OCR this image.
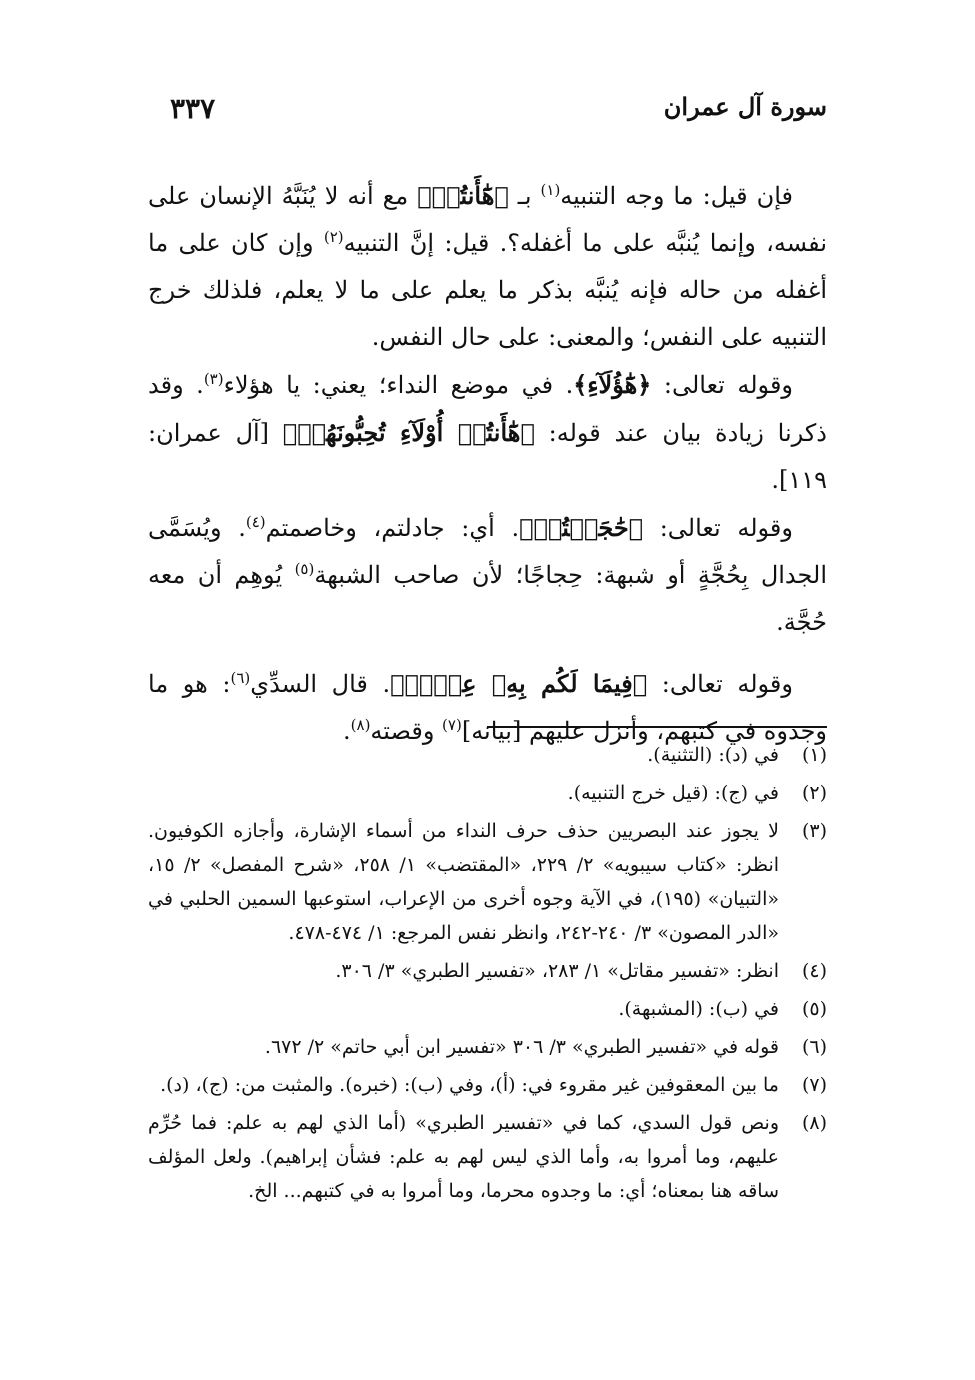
سورة آل عمران
٣٣٧

فإن قيل: ما وجه التنبيه$^{(١)}$ بـ ﴿هَٰٓأَنتُمۡ﴾ مع أنه لا يُنَبَّهُ الإنسان على نفسه، وإنما يُنبَّه على ما أغفله؟. قيل: إنَّ التنبيه$^{(٢)}$ وإن كان على ما أغفله من حاله فإنه يُنبَّه بذكر ما يعلم على ما لا يعلم، فلذلك خرج التنبيه على النفس؛ والمعنى: على حال النفس.

وقوله تعالى: ﴿هَٰٓؤُلَآءِ﴾. في موضع النداء؛ يعني: يا هؤلاء$^{(٣)}$. وقد ذكرنا زيادة بيان عند قوله: ﴿هَٰٓأَنتُمۡ أُوْلَآءِ تُحِبُّونَهُمۡ﴾ [آل عمران: ١١٩].

وقوله تعالى: ﴿حَٰجَجۡتُمۡ﴾. أي: جادلتم، وخاصمتم$^{(٤)}$. ويُسَمَّى الجدال بِحُجَّةٍ أو شبهة: حِجاجًا؛ لأن صاحب الشبهة$^{(٥)}$ يُوهِم أن معه حُجَّة.

وقوله تعالى: ﴿فِيمَا لَكُم بِهِۦ عِلۡمٞ﴾. قال السدِّي$^{(٦)}$: هو ما وجدوه في كتبهم، وأنزل عليهم [بيانه]$^{(٧)}$ وقصته$^{(٨)}$.

(١)
في (د): (التثنية).
(٢)
في (ج): (قيل خرج التنبيه).
(٣)
لا يجوز عند البصريين حذف حرف النداء من أسماء الإشارة، وأجازه الكوفيون. انظر: «كتاب سيبويه» ٢/ ٢٢٩، «المقتضب» ١/ ٢٥٨، «شرح المفصل» ٢/ ١٥، «التبيان» (١٩٥)، في الآية وجوه أخرى من الإعراب، استوعبها السمين الحلبي في «الدر المصون» ٣/ ٢٤٠-٢٤٢، وانظر نفس المرجع: ١/ ٤٧٤-٤٧٨.
(٤)
انظر: «تفسير مقاتل» ١/ ٢٨٣، «تفسير الطبري» ٣/ ٣٠٦.
(٥)
في (ب): (المشبهة).
(٦)
قوله في «تفسير الطبري» ٣/ ٣٠٦ «تفسير ابن أبي حاتم» ٢/ ٦٧٢.
(٧)
ما بين المعقوفين غير مقروء في: (أ)، وفي (ب): (خبره). والمثبت من: (ج)، (د).
(٨)
ونص قول السدي، كما في «تفسير الطبري» (أما الذي لهم به علم: فما حُرِّم عليهم، وما أمروا به، وأما الذي ليس لهم به علم: فشأن إبراهيم). ولعل المؤلف ساقه هنا بمعناه؛ أي: ما وجدوه محرما، وما أمروا به في كتبهم... الخ.
